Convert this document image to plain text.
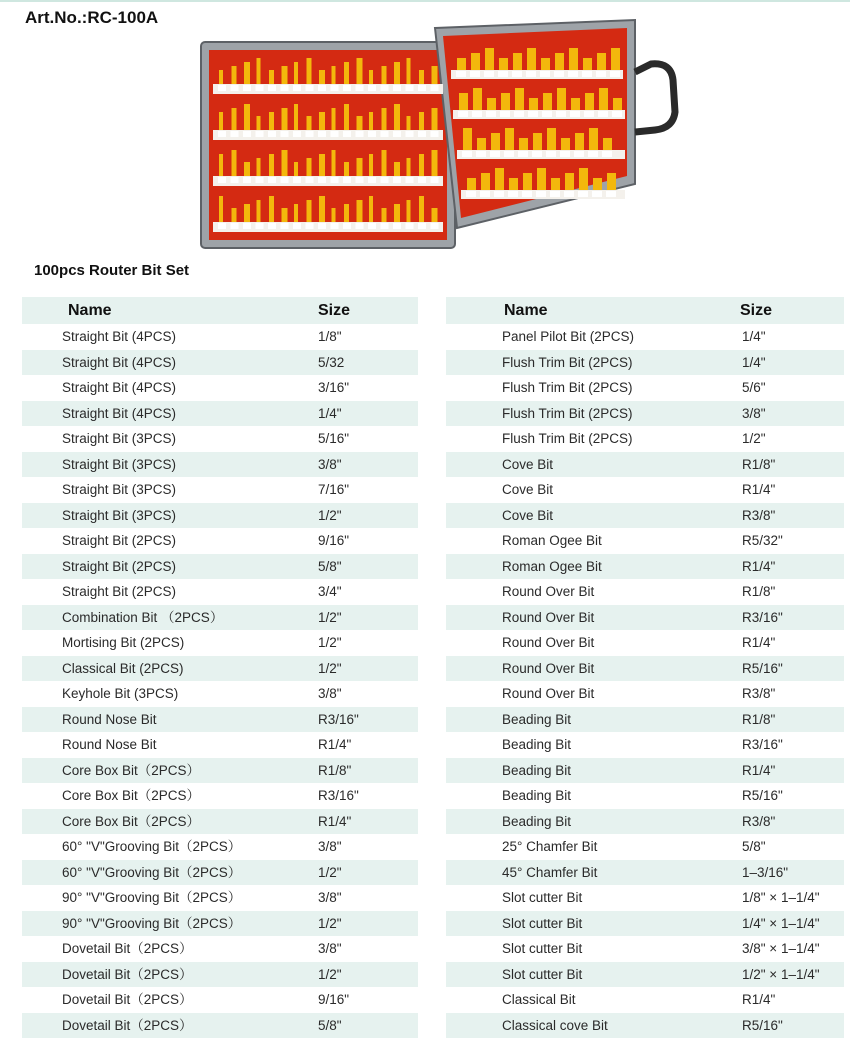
Art.No.:RC-100A
100pcs Router Bit Set
Name	Size
Straight Bit (4PCS)	1/8"
Straight Bit (4PCS)	5/32
Straight Bit (4PCS)	3/16"
Straight Bit (4PCS)	1/4"
Straight Bit (3PCS)	5/16"
Straight Bit (3PCS)	3/8"
Straight Bit (3PCS)	7/16"
Straight Bit (3PCS)	1/2"
Straight Bit (2PCS)	9/16"
Straight Bit (2PCS)	5/8"
Straight Bit (2PCS)	3/4"
Combination Bit （2PCS）	1/2"
Mortising Bit (2PCS)	1/2"
Classical Bit (2PCS)	1/2"
Keyhole Bit (3PCS)	3/8"
Round Nose Bit	R3/16"
Round Nose Bit	R1/4"
Core Box Bit（2PCS）	R1/8"
Core Box Bit（2PCS）	R3/16"
Core Box Bit（2PCS）	R1/4"
60° "V"Grooving Bit（2PCS）	3/8"
60° "V"Grooving Bit（2PCS）	1/2"
90° "V"Grooving Bit（2PCS）	3/8"
90° "V"Grooving Bit（2PCS）	1/2"
Dovetail Bit（2PCS）	3/8"
Dovetail Bit（2PCS）	1/2"
Dovetail Bit（2PCS）	9/16"
Dovetail Bit（2PCS）	5/8"
Name	Size
Panel Pilot Bit (2PCS)	1/4"
Flush Trim Bit (2PCS)	1/4"
Flush Trim Bit (2PCS)	5/6"
Flush Trim Bit (2PCS)	3/8"
Flush Trim Bit (2PCS)	1/2"
Cove Bit	R1/8"
Cove Bit	R1/4"
Cove Bit	R3/8"
Roman Ogee Bit	R5/32"
Roman Ogee Bit	R1/4"
Round Over Bit	R1/8"
Round Over Bit	R3/16"
Round Over Bit	R1/4"
Round Over Bit	R5/16"
Round Over Bit	R3/8"
Beading Bit	R1/8"
Beading Bit	R3/16"
Beading Bit	R1/4"
Beading Bit	R5/16"
Beading Bit	R3/8"
25° Chamfer Bit	5/8"
45° Chamfer Bit	1–3/16"
Slot cutter Bit	1/8" × 1–1/4"
Slot cutter Bit	1/4" × 1–1/4"
Slot cutter Bit	3/8" × 1–1/4"
Slot cutter Bit	1/2" × 1–1/4"
Classical Bit	R1/4"
Classical cove Bit	R5/16"
